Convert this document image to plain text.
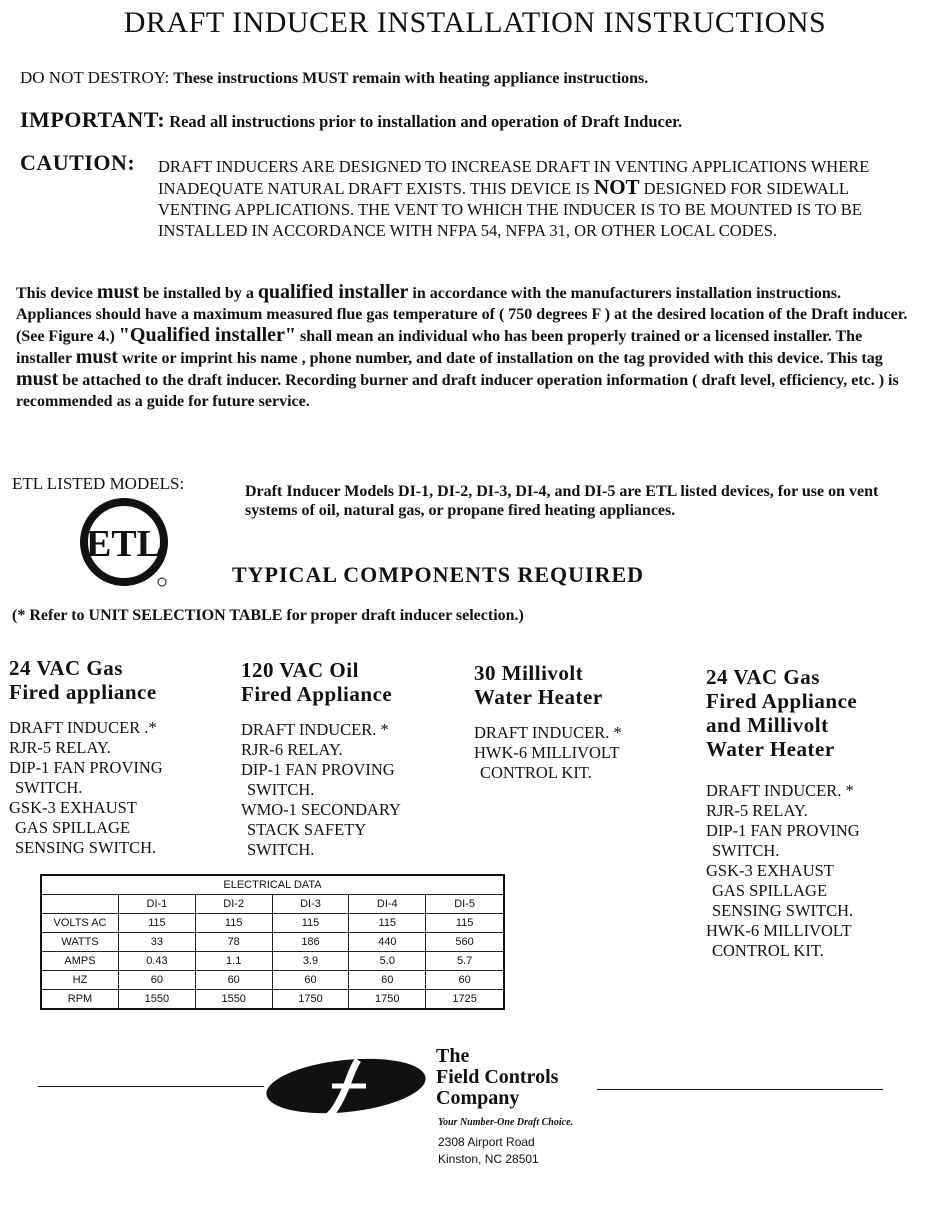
DRAFT INDUCER INSTALLATION INSTRUCTIONS
DO NOT DESTROY: These instructions MUST remain with heating appliance instructions.
IMPORTANT: Read all instructions prior to installation and operation of Draft Inducer.
CAUTION: DRAFT INDUCERS ARE DESIGNED TO INCREASE DRAFT IN VENTING APPLICATIONS WHERE INADEQUATE NATURAL DRAFT EXISTS. THIS DEVICE IS NOT DESIGNED FOR SIDEWALL VENTING APPLICATIONS. THE VENT TO WHICH THE INDUCER IS TO BE MOUNTED IS TO BE INSTALLED IN ACCORDANCE WITH NFPA 54, NFPA 31, OR OTHER LOCAL CODES.
This device must be installed by a qualified installer in accordance with the manufacturers installation instructions. Appliances should have a maximum measured flue gas temperature of ( 750 degrees F ) at the desired location of the Draft inducer. (See Figure 4.) "Qualified installer" shall mean an individual who has been properly trained or a licensed installer. The installer must write or imprint his name , phone number, and date of installation on the tag provided with this device. This tag must be attached to the draft inducer. Recording burner and draft inducer operation information ( draft level, efficiency, etc. ) is recommended as a guide for future service.
ETL LISTED MODELS:	Draft Inducer Models DI-1, DI-2, DI-3, DI-4, and DI-5 are ETL listed devices, for use on vent systems of oil, natural gas, or propane fired heating appliances.
ETL
TYPICAL COMPONENTS REQUIRED
(* Refer to UNIT SELECTION TABLE for proper draft inducer selection.)
24 VAC Gas
Fired appliance
DRAFT INDUCER .*
RJR-5 RELAY.
DIP-1 FAN PROVING
SWITCH.
GSK-3 EXHAUST
GAS SPILLAGE
SENSING SWITCH.
120 VAC Oil
Fired Appliance
DRAFT INDUCER. *
RJR-6 RELAY.
DIP-1 FAN PROVING
SWITCH.
WMO-1 SECONDARY
STACK SAFETY
SWITCH.
30 Millivolt
Water Heater
DRAFT INDUCER. *
HWK-6 MILLIVOLT
CONTROL KIT.
24 VAC Gas
Fired Appliance
and Millivolt
Water Heater
DRAFT INDUCER. *
RJR-5 RELAY.
DIP-1 FAN PROVING
SWITCH.
GSK-3 EXHAUST
GAS SPILLAGE
SENSING SWITCH.
HWK-6 MILLIVOLT
CONTROL KIT.
ELECTRICAL DATA					
	DI-1	DI-2	DI-3	DI-4	DI-5
VOLTS AC	115	115	115	115	115
WATTS	33	78	186	440	560
AMPS	0.43	1.1	3.9	5.0	5.7
HZ	60	60	60	60	60
RPM	1550	1550	1750	1750	1725
The
Field Controls
Company
Your Number-One Draft Choice.
2308 Airport Road
Kinston, NC 28501
